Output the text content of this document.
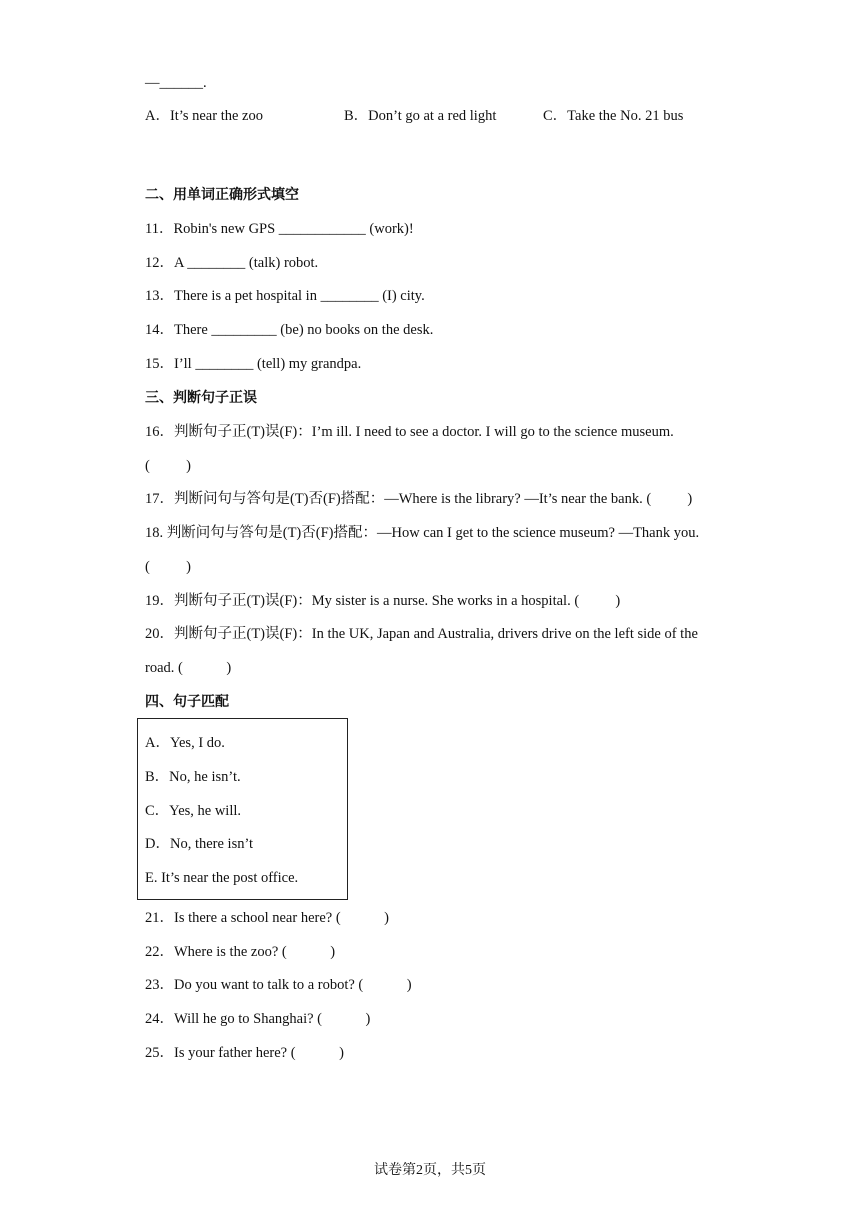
—______.
A．It’s near the zoo	B．Don’t go at a red light	C．Take the No. 21 bus
二、用单词正确形式填空
11．Robin's new GPS ____________ (work)!
12．A ________ (talk) robot.
13．There is a pet hospital in ________ (I) city.
14．There _________ (be) no books on the desk.
15．I’ll ________ (tell) my grandpa.
三、判断句子正误
16．判断句子正(T)误(F)：I’m ill. I need to see a doctor. I will go to the science museum.
(          )
17．判断问句与答句是(T)否(F)搭配：—Where is the library? —It’s near the bank. (          )
18. 判断问句与答句是(T)否(F)搭配：—How can I get to the science museum? —Thank you.
(          )
19．判断句子正(T)误(F)：My sister is a nurse. She works in a hospital. (          )
20．判断句子正(T)误(F)：In the UK, Japan and Australia, drivers drive on the left side of the
road. (            )
四、句子匹配
A．Yes, I do.
B．No, he isn’t.
C．Yes, he will.
D．No, there isn’t
E. It’s near the post office.
21．Is there a school near here? (            )
22．Where is the zoo? (            )
23．Do you want to talk to a robot? (            )
24．Will he go to Shanghai? (            )
25．Is your father here? (            )
试卷第2页，共5页
